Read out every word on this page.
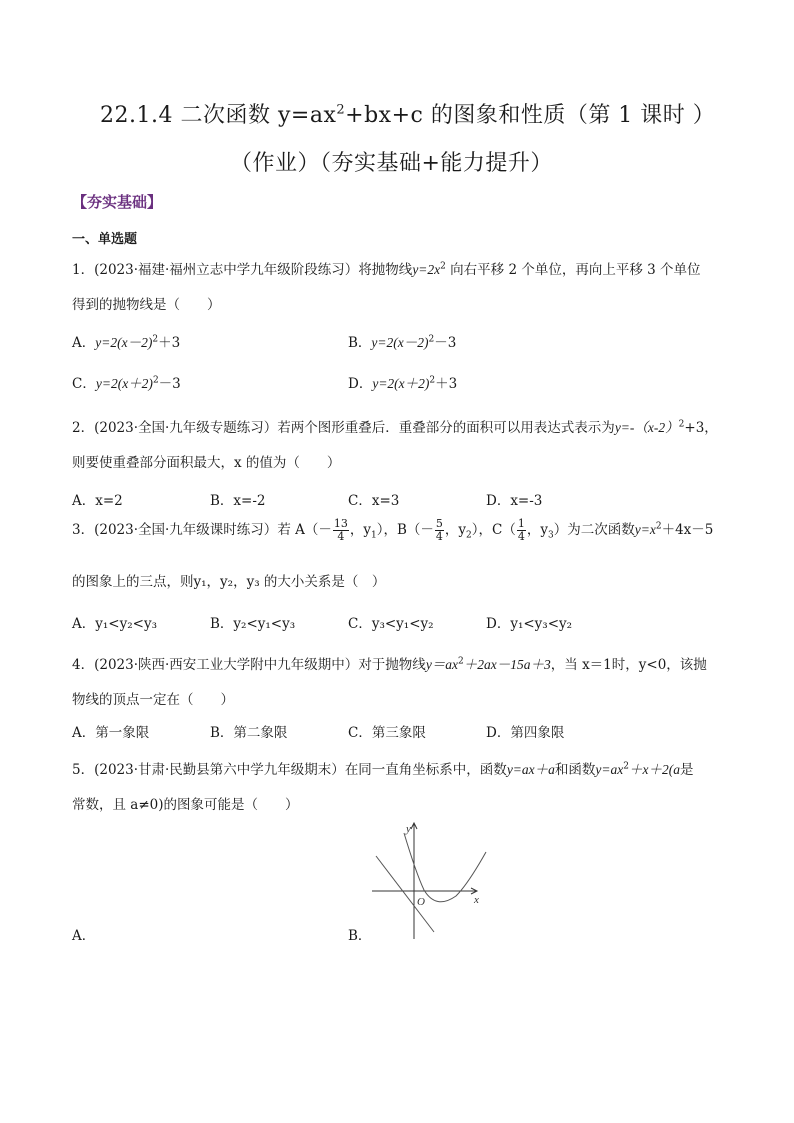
22.1.4 二次函数 $y=ax^2+bx+c$ 的图象和性质（第 1 课时 ）
（作业）（夯实基础+能力提升）
【夯实基础】
一、单选题
1．(2023·福建·福州立志中学九年级阶段练习）将抛物线$y=2x^2$ 向右平移 2 个单位，再向上平移 3 个单位
得到的抛物线是（　　）
A．$y=2(x-2)^2+3$	B．$y=2(x-2)^2-3$
C．$y=2(x+2)^2-3$	D．$y=2(x+2)^2+3$
2．(2023·全国·九年级专题练习）若两个图形重叠后．重叠部分的面积可以用表达式表示为$y=-(x-2)^2+3$，
则要使重叠部分面积最大，x 的值为（　　）
A．x=2	B．x=-2	C．x=3	D．x=-3
3．(2023·全国·九年级课时练习）若 $A(- \frac{13}{4}$ ，$y_1$），$B(- \frac{5}{4}$ ，$y_2$），$C( \frac{1}{4}$ ，$y_3$）为二次函数$y=x^2+4x-5$
的图象上的三点，则y₁，y₂，y₃ 的大小关系是（　）
A．y₁<y₂<y₃	B．y₂<y₁<y₃	C．y₃<y₁<y₂	D．y₁<y₃<y₂
4．(2023·陕西·西安工业大学附中九年级期中）对于抛物线$y=ax^2+2ax-15a+3$，当 x＝1时，y<0，该抛
物线的顶点一定在（　　）
A．第一象限	B．第二象限	C．第三象限	D．第四象限
5．(2023·甘肃·民勤县第六中学九年级期末）在同一直角坐标系中，函数y=ax＋a和函数$y=ax^2+x+2(a$是
常数，且 a≠0)的图象可能是（　　）
A．	B．
y
x
O
